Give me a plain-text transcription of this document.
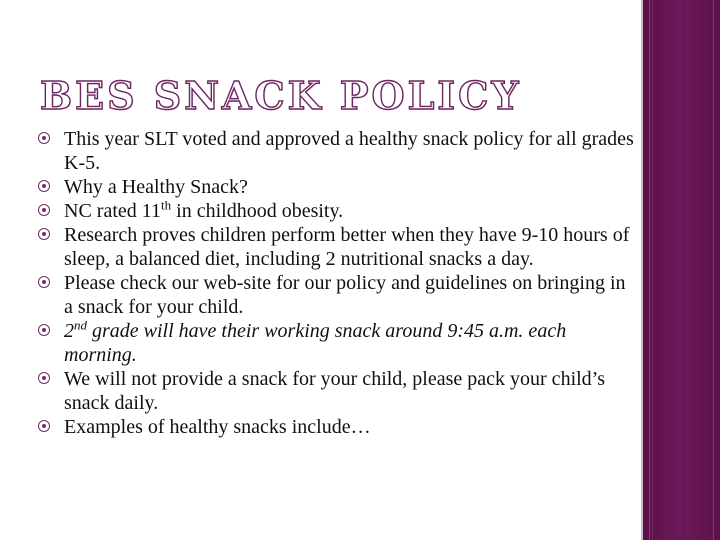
BES SNACK POLICY
This year SLT voted and approved a healthy snack policy for all grades K-5.
Why a Healthy Snack?
NC rated 11th in childhood obesity.
Research proves children perform better when they have 9-10 hours of sleep, a balanced diet, including 2 nutritional snacks a day.
Please check our web-site for our policy and guidelines on bringing in a snack for your child.
2nd grade will have their working snack around 9:45 a.m. each morning.
We will not provide a snack for your child, please pack your child’s snack daily.
Examples of healthy snacks include…
